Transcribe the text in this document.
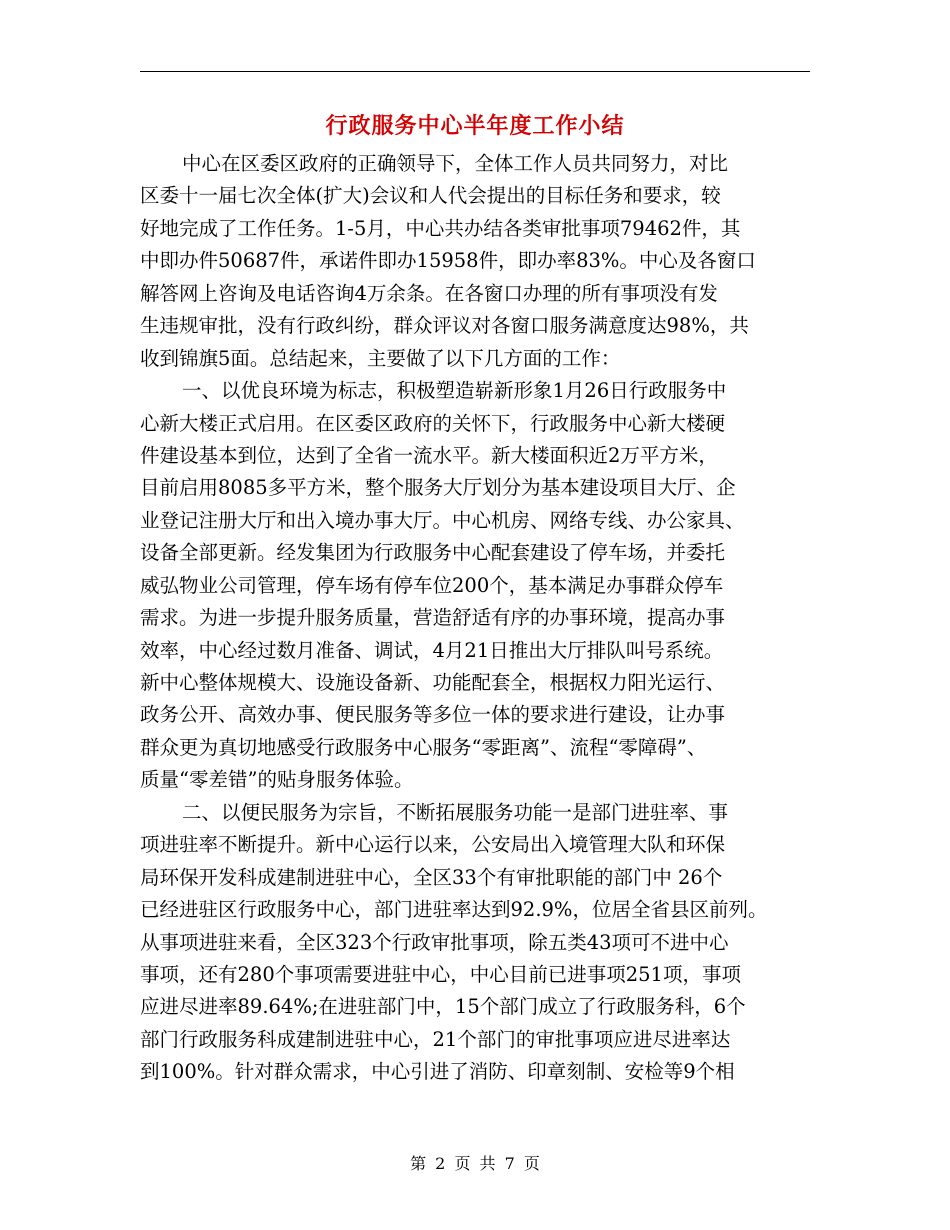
行政服务中心半年度工作小结
中心在区委区政府的正确领导下，全体工作人员共同努力，对比
区委十一届七次全体(扩大)会议和人代会提出的目标任务和要求，较
好地完成了工作任务。1-5月，中心共办结各类审批事项79462件，其
中即办件50687件，承诺件即办15958件，即办率83%。中心及各窗口
解答网上咨询及电话咨询4万余条。在各窗口办理的所有事项没有发
生违规审批，没有行政纠纷，群众评议对各窗口服务满意度达98%，共
收到锦旗5面。总结起来，主要做了以下几方面的工作：
一、以优良环境为标志，积极塑造崭新形象1月26日行政服务中
心新大楼正式启用。在区委区政府的关怀下，行政服务中心新大楼硬
件建设基本到位，达到了全省一流水平。新大楼面积近2万平方米，
目前启用8085多平方米，整个服务大厅划分为基本建设项目大厅、企
业登记注册大厅和出入境办事大厅。中心机房、网络专线、办公家具、
设备全部更新。经发集团为行政服务中心配套建设了停车场，并委托
威弘物业公司管理，停车场有停车位200个，基本满足办事群众停车
需求。为进一步提升服务质量，营造舒适有序的办事环境，提高办事
效率，中心经过数月准备、调试，4月21日推出大厅排队叫号系统。
新中心整体规模大、设施设备新、功能配套全，根据权力阳光运行、
政务公开、高效办事、便民服务等多位一体的要求进行建设，让办事
群众更为真切地感受行政服务中心服务“零距离”、流程“零障碍”、
质量“零差错”的贴身服务体验。
二、以便民服务为宗旨，不断拓展服务功能一是部门进驻率、事
项进驻率不断提升。新中心运行以来，公安局出入境管理大队和环保
局环保开发科成建制进驻中心，全区33个有审批职能的部门中 26个
已经进驻区行政服务中心，部门进驻率达到92.9%，位居全省县区前列。
从事项进驻来看，全区323个行政审批事项，除五类43项可不进中心
事项，还有280个事项需要进驻中心，中心目前已进事项251项，事项
应进尽进率89.64%;在进驻部门中，15个部门成立了行政服务科，6个
部门行政服务科成建制进驻中心，21个部门的审批事项应进尽进率达
到100%。针对群众需求，中心引进了消防、印章刻制、安检等9个相
第 2 页 共 7 页
